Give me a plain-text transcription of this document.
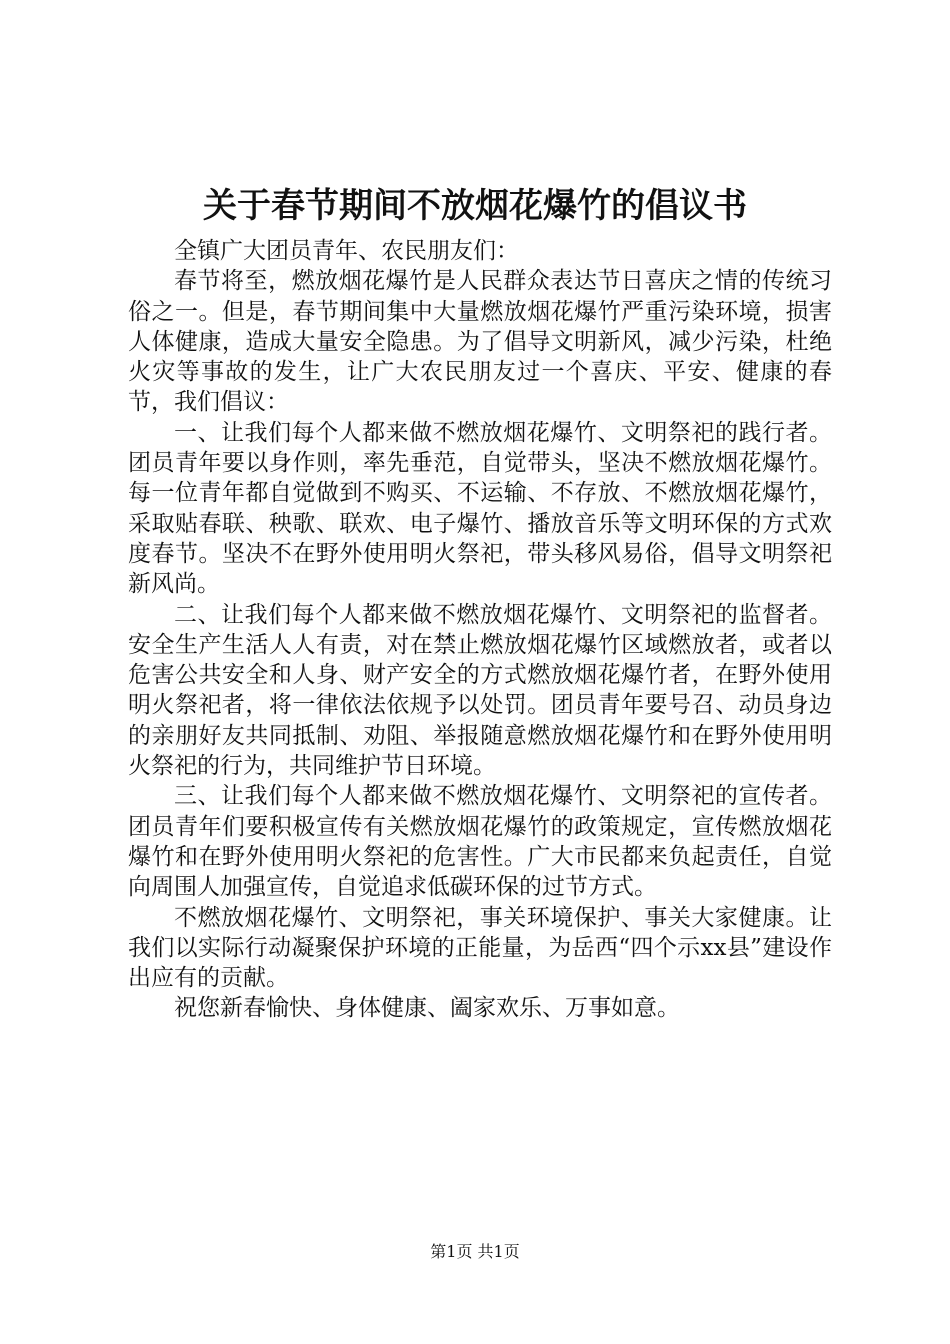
关于春节期间不放烟花爆竹的倡议书

全镇广大团员青年、农民朋友们：

春节将至，燃放烟花爆竹是人民群众表达节日喜庆之情的传统习俗之一。但是，春节期间集中大量燃放烟花爆竹严重污染环境，损害人体健康，造成大量安全隐患。为了倡导文明新风，减少污染，杜绝火灾等事故的发生，让广大农民朋友过一个喜庆、平安、健康的春节，我们倡议：

一、让我们每个人都来做不燃放烟花爆竹、文明祭祀的践行者。团员青年要以身作则，率先垂范，自觉带头，坚决不燃放烟花爆竹。每一位青年都自觉做到不购买、不运输、不存放、不燃放烟花爆竹，采取贴春联、秧歌、联欢、电子爆竹、播放音乐等文明环保的方式欢度春节。坚决不在野外使用明火祭祀，带头移风易俗，倡导文明祭祀新风尚。

二、让我们每个人都来做不燃放烟花爆竹、文明祭祀的监督者。安全生产生活人人有责，对在禁止燃放烟花爆竹区域燃放者，或者以危害公共安全和人身、财产安全的方式燃放烟花爆竹者，在野外使用明火祭祀者，将一律依法依规予以处罚。团员青年要号召、动员身边的亲朋好友共同抵制、劝阻、举报随意燃放烟花爆竹和在野外使用明火祭祀的行为，共同维护节日环境。

三、让我们每个人都来做不燃放烟花爆竹、文明祭祀的宣传者。团员青年们要积极宣传有关燃放烟花爆竹的政策规定，宣传燃放烟花爆竹和在野外使用明火祭祀的危害性。广大市民都来负起责任，自觉向周围人加强宣传，自觉追求低碳环保的过节方式。

不燃放烟花爆竹、文明祭祀，事关环境保护、事关大家健康。让我们以实际行动凝聚保护环境的正能量，为岳西“四个示xx县”建设作出应有的贡献。

祝您新春愉快、身体健康、阖家欢乐、万事如意。

第1页 共1页
